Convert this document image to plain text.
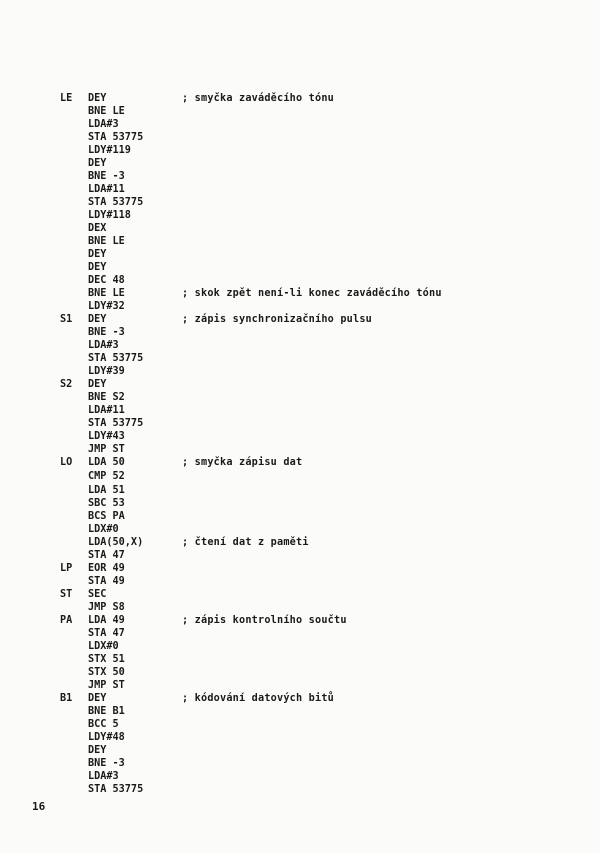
LE DEY	; smyčka zaváděcího tónu
BNE LE
LDA#3
STA 53775
LDY#119
DEY
BNE -3
LDA#11
STA 53775
LDY#118
DEX
BNE LE
DEY
DEY
DEC 48
BNE LE	; skok zpět není-li konec zaváděcího tónu
LDY#32
S1 DEY	; zápis synchronizačního pulsu
BNE -3
LDA#3
STA 53775
LDY#39
S2 DEY
BNE S2
LDA#11
STA 53775
LDY#43
JMP ST
LO LDA 50	; smyčka zápisu dat
CMP 52
LDA 51
SBC 53
BCS PA
LDX#0
LDA(50,X)	; čtení dat z paměti
STA 47
LP EOR 49
STA 49
ST SEC
JMP S8
PA LDA 49	; zápis kontrolního součtu
STA 47
LDX#0
STX 51
STX 50
JMP ST
B1 DEY	; kódování datových bitů
BNE B1
BCC 5
LDY#48
DEY
BNE -3
LDA#3
STA 53775
16
